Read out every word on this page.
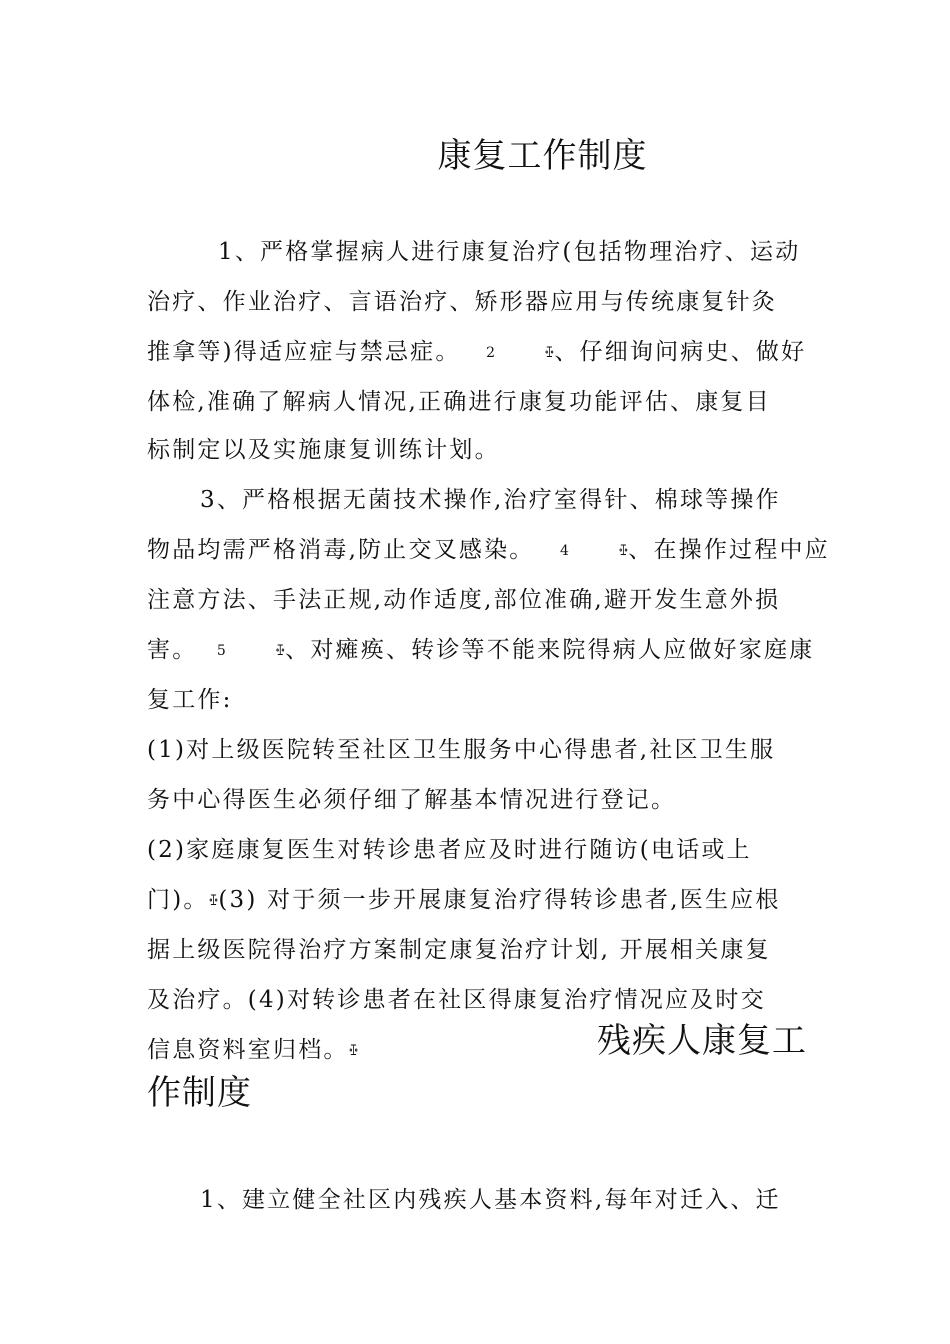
康复工作制度
1、严格掌握病人进行康复治疗(包括物理治疗、运动
治疗、作业治疗、言语治疗、矫形器应用与传统康复针灸
推拿等)得适应症与禁忌症。 2	ꔀ、仔细询问病史、做好
体检,准确了解病人情况,正确进行康复功能评估、康复目
标制定以及实施康复训练计划。
3、严格根据无菌技术操作,治疗室得针、棉球等操作
物品均需严格消毒,防止交叉感染。 4	ꔀ、在操作过程中应
注意方法、手法正规,动作适度,部位准确,避开发生意外损
害。 5	ꔀ、对瘫痪、转诊等不能来院得病人应做好家庭康
复工作:
(1)对上级医院转至社区卫生服务中心得患者,社区卫生服
务中心得医生必须仔细了解基本情况进行登记。
(2)家庭康复医生对转诊患者应及时进行随访(电话或上
门)。ꔀ(3) 对于须一步开展康复治疗得转诊患者,医生应根
据上级医院得治疗方案制定康复治疗计划, 开展相关康复
及治疗。(4)对转诊患者在社区得康复治疗情况应及时交
信息资料室归档。ꔀ	残疾人康复工
作制度
1、建立健全社区内残疾人基本资料,每年对迁入、迁
